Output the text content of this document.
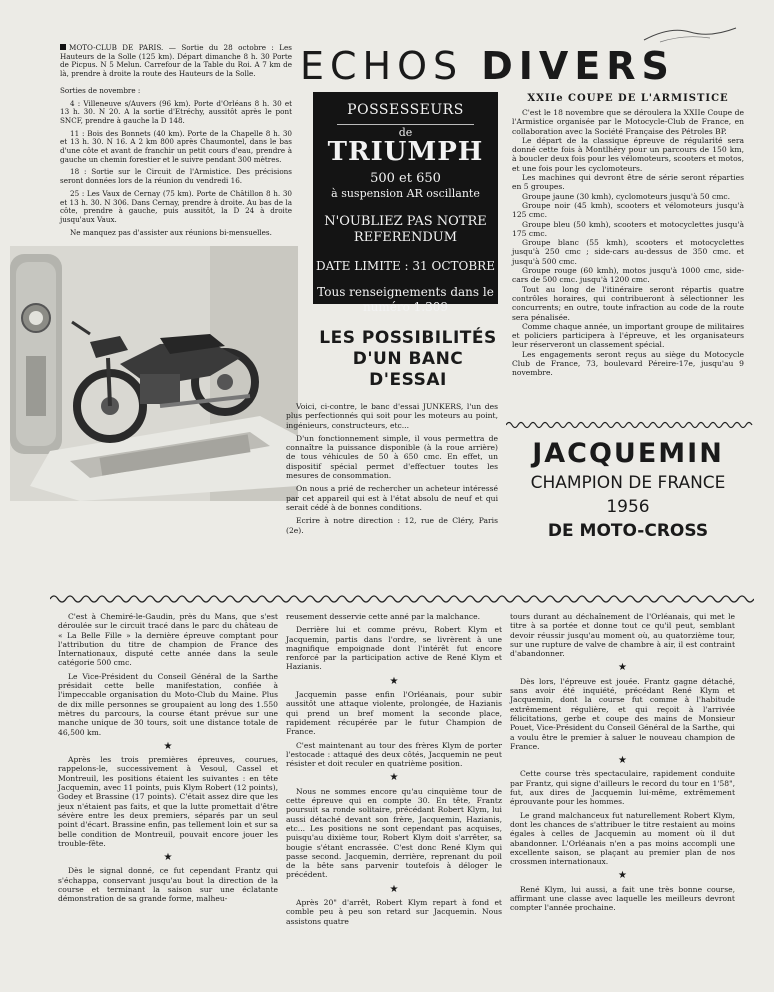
MOTO-CLUB DE PARIS. — Sortie du 28 octobre : Les Hauteurs de la Solle (125 km). Départ dimanche 8 h. 30 Porte de Picpus. N 5 Melun. Carrefour de la Table du Roi. A 7 km de là, prendre à droite la route des Hauteurs de la Solle.

Sorties de novembre :

4 : Villeneuve s/Auvers (96 km). Porte d'Orléans 8 h. 30 et 13 h. 30. N 20. A la sortie d'Etréchy, aussitôt après le pont SNCF, prendre à gauche la D 148.

11 : Bois des Bonnets (40 km). Porte de la Chapelle 8 h. 30 et 13 h. 30. N 16. A 2 km 800 après Chaumontel, dans le bas d'une côte et avant de franchir un petit cours d'eau, prendre à gauche un chemin forestier et le suivre pendant 300 mètres.

18 : Sortie sur le Circuit de l'Armistice. Des précisions seront données lors de la réunion du vendredi 16.

25 : Les Vaux de Cernay (75 km). Porte de Châtillon 8 h. 30 et 13 h. 30. N 306. Dans Cernay, prendre à droite. Au bas de la côte, prendre à gauche, puis aussitôt, la D 24 à droite jusqu'aux Vaux.

Ne manquez pas d'assister aux réunions bi-mensuelles.

ECHOS DIVERS
POSSESSEURS
de
TRIUMPH
500 et 650
à suspension AR oscillante
N'OUBLIEZ PAS NOTRE REFERENDUM
DATE LIMITE : 31 OCTOBRE
Tous renseignements dans le numéro 1.309
LES POSSIBILITÉS D'UN BANC D'ESSAI

Voici, ci-contre, le banc d'essai JUNKERS, l'un des plus perfectionnés qui soit pour les moteurs au point, ingénieurs, constructeurs, etc...

D'un fonctionnement simple, il vous permettra de connaître la puissance disponible (à la roue arrière) de tous véhicules de 50 à 650 cmc. En effet, un dispositif spécial permet d'effectuer toutes les mesures de consommation.

On nous a prié de rechercher un acheteur intéressé par cet appareil qui est à l'état absolu de neuf et qui serait cédé à de bonnes conditions.

Ecrire à notre direction : 12, rue de Cléry, Paris (2e).

XXIIe COUPE DE L'ARMISTICE

C'est le 18 novembre que se déroulera la XXIIe Coupe de l'Armistice organisée par le Motocycle-Club de France, en collaboration avec la Société Française des Pétroles BP.

Le départ de la classique épreuve de régularité sera donné cette fois à Montlhéry pour un parcours de 150 km, à boucler deux fois pour les vélomoteurs, scooters et motos, et une fois pour les cyclomoteurs.

Les machines qui devront être de série seront réparties en 5 groupes.

Groupe jaune (30 kmh), cyclomoteurs jusqu'à 50 cmc.

Groupe noir (45 kmh), scooters et vélomoteurs jusqu'à 125 cmc.

Groupe bleu (50 kmh), scooters et motocyclettes jusqu'à 175 cmc.

Groupe blanc (55 kmh), scooters et motocyclettes jusqu'à 250 cmc ; side-cars au-dessus de 350 cmc. et jusqu'à 500 cmc.

Groupe rouge (60 kmh), motos jusqu'à 1000 cmc, side-cars de 500 cmc. jusqu'à 1200 cmc.

Tout au long de l'itinéraire seront répartis quatre contrôles horaires, qui contribueront à sélectionner les concurrents; en outre, toute infraction au code de la route sera pénalisée.

Comme chaque année, un important groupe de militaires et policiers participera à l'épreuve, et les organisateurs leur réserveront un classement spécial.

Les engagements seront reçus au siège du Motocycle Club de France, 73, boulevard Péreire-17e, jusqu'au 9 novembre.

JACQUEMIN
CHAMPION DE FRANCE
1956
DE MOTO-CROSS

C'est à Chemiré-le-Gaudin, près du Mans, que s'est déroulée sur le circuit tracé dans le parc du château de « La Belle Fille » la dernière épreuve comptant pour l'attribution du titre de champion de France des Internationaux, disputé cette année dans la seule catégorie 500 cmc.

Le Vice-Président du Conseil Général de la Sarthe présidait cette belle manifestation, confiée à l'impeccable organisation du Moto-Club du Maine. Plus de dix mille personnes se groupaient au long des 1.550 mètres du parcours, la course étant prévue sur une manche unique de 30 tours, soit une distance totale de 46,500 km.

★

Après les trois premières épreuves, courues, rappelons-le, successivement à Vesoul, Cassel et Montreuil, les positions étaient les suivantes : en tête Jacquemin, avec 11 points, puis Klym Robert (12 points), Godey et Brassine (17 points). C'était assez dire que les jeux n'étaient pas faits, et que la lutte promettait d'être sévère entre les deux premiers, séparés par un seul point d'écart. Brassine enfin, pas tellement loin et sur sa belle condition de Montreuil, pouvait encore jouer les trouble-fête.

★

Dès le signal donné, ce fut cependant Frantz qui s'échappa, conservant jusqu'au bout la direction de la course et terminant la saison sur une éclatante démonstration de sa grande forme, malheu-

reusement desservie cette anné par la malchance.

Derrière lui et comme prévu, Robert Klym et Jacquemin, partis dans l'ordre, se livrèrent à une magnifique empoignade dont l'intérêt fut encore renforcé par la participation active de René Klym et Hazianis.

★

Jacquemin passe enfin l'Orléanais, pour subir aussitôt une attaque violente, prolongée, de Hazianis qui prend un bref moment la seconde place, rapidement récupérée par le futur Champion de France.

C'est maintenant au tour des frères Klym de porter l'estocade : attaqué des deux côtés, Jacquemin ne peut résister et doit reculer en quatrième position.

★

Nous ne sommes encore qu'au cinquième tour de cette épreuve qui en compte 30. En tête, Frantz poursuit sa ronde solitaire, précédant Robert Klym, lui aussi détaché devant son frère, Jacquemin, Hazianis, etc... Les positions ne sont cependant pas acquises, puisqu'au dixième tour, Robert Klym doit s'arrêter, sa bougie s'étant encrassée. C'est donc René Klym qui passe second. Jacquemin, derrière, reprenant du poil de la bête sans parvenir toutefois à déloger le précédent.

★

Après 20" d'arrêt, Robert Klym repart à fond et comble peu à peu son retard sur Jacquemin. Nous assistons quatre

tours durant au déchaînement de l'Orléanais, qui met le titre à sa portée et donne tout ce qu'il peut, semblant devoir réussir jusqu'au moment où, au quatorzième tour, sur une rupture de valve de chambre à air, il est contraint d'abandonner.

★

Dès lors, l'épreuve est jouée. Frantz gagne détaché, sans avoir été inquiété, précédant René Klym et Jacquemin, dont la course fut comme à l'habitude extrêmement régulière, et qui reçoit à l'arrivée félicitations, gerbe et coupe des mains de Monsieur Pouet, Vice-Président du Conseil Général de la Sarthe, qui a voulu être le premier à saluer le nouveau champion de France.

★

Cette course très spectaculaire, rapidement conduite par Frantz, qui signe d'ailleurs le record du tour en 1'58", fut, aux dires de Jacquemin lui-même, extrêmement éprouvante pour les hommes.

Le grand malchanceux fut naturellement Robert Klym, dont les chances de s'attribuer le titre restaient au moins égales à celles de Jacquemin au moment où il dut abandonner. L'Orléanais n'en a pas moins accompli une excellente saison, se plaçant au premier plan de nos crossmen internationaux.

★

René Klym, lui aussi, a fait une très bonne course, affirmant une classe avec laquelle les meilleurs devront compter l'année prochaine.
